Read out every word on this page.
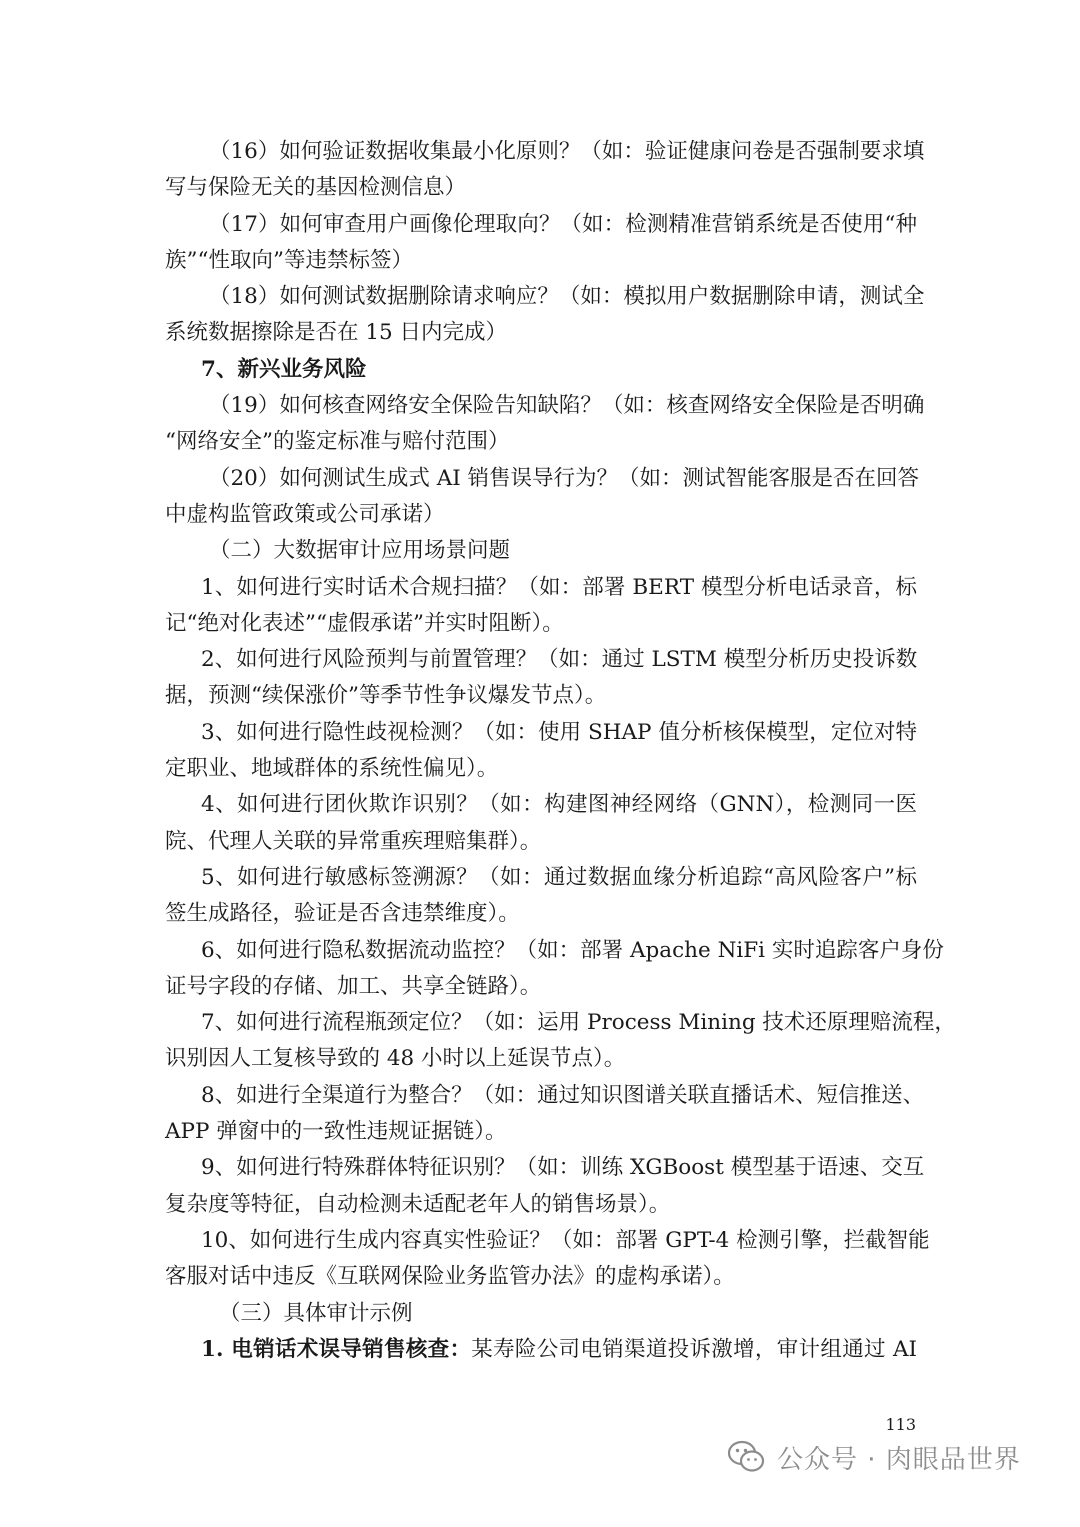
（16）如何验证数据收集最小化原则？（如：验证健康问卷是否强制要求填
写与保险无关的基因检测信息）
（17）如何审查用户画像伦理取向？（如：检测精准营销系统是否使用“种
族”“性取向”等违禁标签）
（18）如何测试数据删除请求响应？（如：模拟用户数据删除申请，测试全
系统数据擦除是否在 15 日内完成）
7、新兴业务风险
（19）如何核查网络安全保险告知缺陷？（如：核查网络安全保险是否明确
“网络安全”的鉴定标准与赔付范围）
（20）如何测试生成式 AI 销售误导行为？（如：测试智能客服是否在回答
中虚构监管政策或公司承诺）
（二）大数据审计应用场景问题
1、如何进行实时话术合规扫描？（如：部署 BERT 模型分析电话录音，标
记“绝对化表述”“虚假承诺”并实时阻断）。
2、如何进行风险预判与前置管理？（如：通过 LSTM 模型分析历史投诉数
据，预测“续保涨价”等季节性争议爆发节点）。
3、如何进行隐性歧视检测？（如：使用 SHAP 值分析核保模型，定位对特
定职业、地域群体的系统性偏见）。
4、如何进行团伙欺诈识别？（如：构建图神经网络（GNN），检测同一医
院、代理人关联的异常重疾理赔集群）。
5、如何进行敏感标签溯源？（如：通过数据血缘分析追踪“高风险客户”标
签生成路径，验证是否含违禁维度）。
6、如何进行隐私数据流动监控？（如：部署 Apache NiFi 实时追踪客户身份
证号字段的存储、加工、共享全链路）。
7、如何进行流程瓶颈定位？（如：运用 Process Mining 技术还原理赔流程，
识别因人工复核导致的 48 小时以上延误节点）。
8、如进行全渠道行为整合？（如：通过知识图谱关联直播话术、短信推送、
APP 弹窗中的一致性违规证据链）。
9、如何进行特殊群体特征识别？（如：训练 XGBoost 模型基于语速、交互
复杂度等特征，自动检测未适配老年人的销售场景）。
10、如何进行生成内容真实性验证？（如：部署 GPT-4 检测引擎，拦截智能
客服对话中违反《互联网保险业务监管办法》的虚构承诺）。
（三）具体审计示例
1. 电销话术误导销售核查：某寿险公司电销渠道投诉激增，审计组通过 AI
113
公众号 · 肉眼品世界
